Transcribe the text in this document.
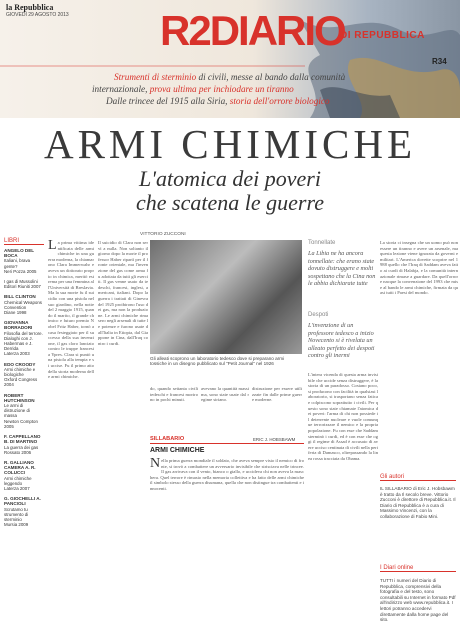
la Repubblica
GIOVEDÌ 29 AGOSTO 2013 R2DIARIO
DI REPUBBLICA
R34
Strumenti di sterminio di civili, messe al bando dalla comunità
internazionale, prova ultima per inchiodare un tiranno
Dalle trincee del 1915 alla Siria, storia dell'orrore biologico
ARMI CHIMICHE
L'atomica dei poveri
che scatena le guerre
VITTORIO ZUCCONI
LIBRI
ANGELO DEL BOCA
Italiani, brava gente?
Neri Pozza 2005
I gas di Mussolini
Editori Riuniti 2007
BILL CLINTON
Chemical Weapons Convention
Diane 1998
GIOVANNA BORRADORI
Filosofia del terrore. Dialoghi con J. Habermas e J. Derrida
Laterza 2003
EDO CROODY
Armi chimiche e biologiche
Oxford Congress 2004
ROBERT HUTCHINSON
Le armi di distruzione di massa
Newton Compton 2005
F. CAPPELLANO B. DI MARTINO
La guerra dei gas
Rossato 2006
R. GALLIANO CAMERA A. R. COLUCCI
Armi chimiche leggendo
Laterza 2007
G. GIOCHELLI A. PANCIOLI
Scrutamo tu strumento di sterminio
Mursia 2009
La prima vittima identificata delle armi chimiche in una guerra moderna, la chiamarono Clara Immerwahr e aveva un dottorato proprio in chimica, meritò estrema per una femmina all'Università di Breslavia. Ma la sua morte fu il suicidio con una pistola nel suo giardino, nella notte del 2 maggio 1915, quando il marito, il grande chimico e futuro premio Nobel Fritz Haber, tornò a casa festeggiato per il successo della sua invenzione, il gas cloro lanciato contro le truppe francesi a Ypres. Clara si puntò una pistola alla tempia e si uccise. Fu il primo atto della storia moderna delle armi chimiche.
Il suicidio di Clara non servì a nulla. Non soltanto il giorno dopo la morte il professor Haber ripartì per il fronte orientale, ma l'invenzione del gas come arma fu adottata da tutti gli eserciti. Il gas venne usato da tedeschi, francesi, inglesi, americani, italiani. Dopo la guerra i trattati di Ginevra del 1925 proibirono l'uso dei gas, ma non la produzione. Le armi chimiche rimasero negli arsenali di tutte le potenze e furono usate dall'Italia in Etiopia, dal Giappone in Cina, dall'Iraq contro i curdi.
Gli alleati scoprono un laboratorio tedesco dove si preparano armi tossiche in un disegno pubblicato sul "Petit Journal" nel 1926
do, quando settanta civili tedeschi e francesi morirono in pochi minuti.
avevano la quantità massima, sono state usate dal regime siriano.
distruzione per essere utilizzate fin dalle prime guerre moderne.
Tonnellate
La Libia ne ha ancora tonnellate: che erano state dovuto distruggere e molti sospettano che la Cina non le abbia dichiarate tutte
Despoti
L'invenzione di un professore tedesco a inizio Novecento si è rivelata un alleato perfetto dei despoti contro gli inermi
La storia ci insegna che un uomo può non essere un tiranno e avere un arsenale, ma questa lezione viene ignorata da governi e militari. L'America dovette scoprire nel 1988 quello che l'Iraq di Saddam aveva fatto ai curdi di Halabja, e la comunità internazionale rimase a guardare. Da quell'orrore nacque la convenzione del 1993 che mise al bando le armi chimiche, firmata da quasi tutti i Paesi del mondo.
L'intera vicenda di questa arma invisibile che uccide senza distruggere, è la storia di un paradosso. Costano poco, si producono con facilità in qualsiasi laboratorio, si trasportano senza fatica e colpiscono soprattutto i civili. Per questo sono state chiamate l'atomica dei poveri: l'arma di chi non possiede il deterrente nucleare e vuole comunque terrorizzare il nemico e la propria popolazione. Fu con esse che Saddam sterminò i curdi, ed è con esse che oggi il regime di Assad è accusato di avere ucciso centinaia di civili nella periferia di Damasco, oltrepassando la linea rossa tracciata da Obama.
SILLABARIO	ERIC J. HOBSBAWM
ARMI CHIMICHE
Nella prima guerra mondiale il soldato, che aveva sempre visto il nemico di fronte, si trovò a combattere un avversario invisibile che strisciava nelle trincee. Il gas arrivava con il vento, bianco o giallo, e uccideva chi non aveva la maschera. Quel terrore è rimasto nella memoria collettiva e ha fatto delle armi chimiche il simbolo stesso della guerra disumana, quella che non distingue tra combattenti e innocenti.
Gli autori
IL SILLABARIO di Eric J. Hobsbawm è tratto da Il secolo breve. Vittorio Zucconi è direttore di Repubblica.it. Il Diario di Repubblica è a cura di Massimo Vincenzi, con la collaborazione di Fabio Mini.
I Diari online
TUTTI i numeri del Diario di Repubblica, comprensivi della fotografia e del testo, sono consultabili su Internet in formato Pdf all'indirizzo web www.repubblica.it. I lettori potranno accedervi direttamente dalla home page del sito.
